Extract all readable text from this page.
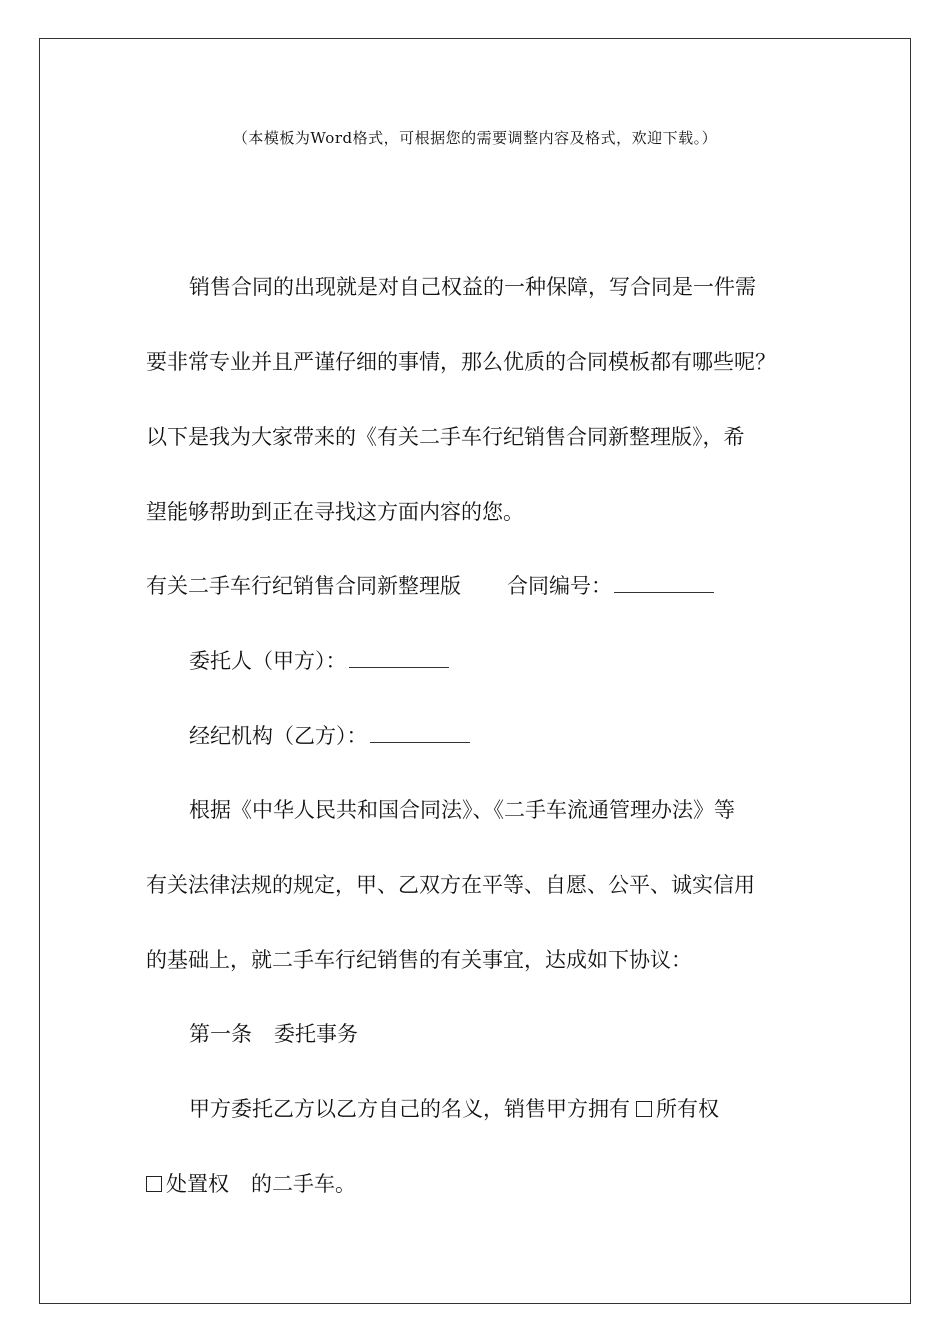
（本模板为Word格式，可根据您的需要调整内容及格式，欢迎下载。）
销售合同的出现就是对自己权益的一种保障，写合同是一件需
要非常专业并且严谨仔细的事情，那么优质的合同模板都有哪些呢？
以下是我为大家带来的《有关二手车行纪销售合同新整理版》，希
望能够帮助到正在寻找这方面内容的您。
有关二手车行纪销售合同新整理版 合同编号：
委托人（甲方）：
经纪机构（乙方）：
根据《中华人民共和国合同法》、《二手车流通管理办法》等
有关法律法规的规定，甲、乙双方在平等、自愿、公平、诚实信用
的基础上，就二手车行纪销售的有关事宜，达成如下协议：
第一条 委托事务
甲方委托乙方以乙方自己的名义，销售甲方拥有 所有权
处置权 的二手车。
